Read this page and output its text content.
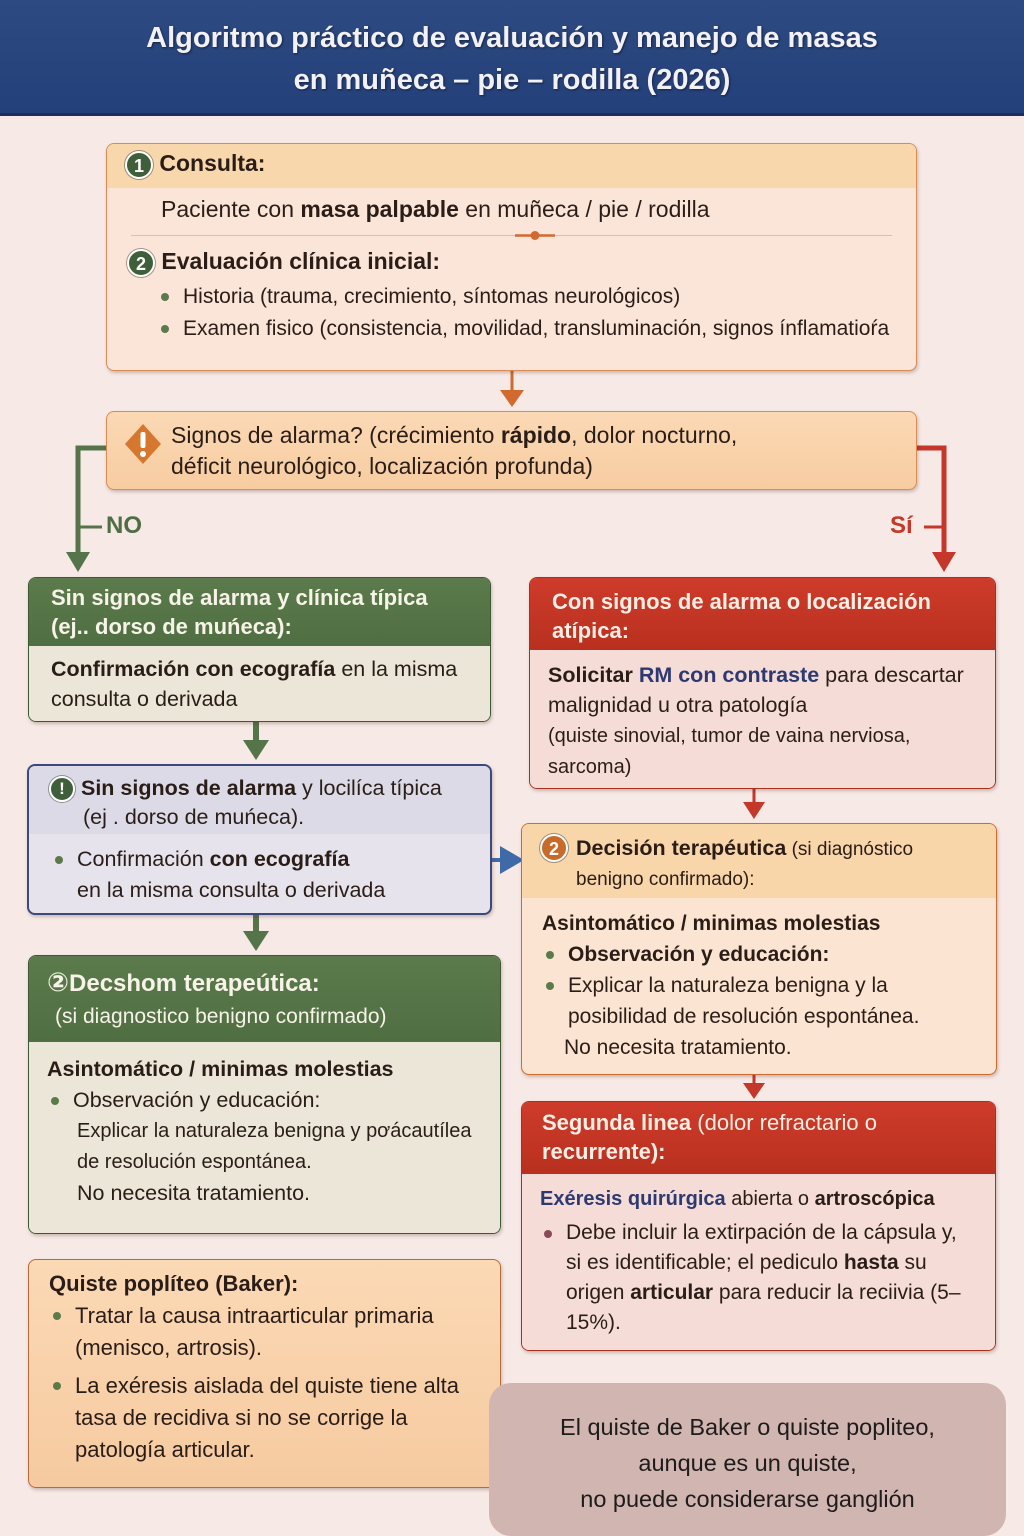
Algoritmo práctico de evaluación y manejo de masas
en muñeca – pie – rodilla (2026)
1 Consulta:
Paciente con masa palpable en muñeca / pie / rodilla
2 Evaluación clínica inicial:
Historia (trauma, crecimiento, síntomas neurológicos)
Examen fisico (consistencia, movilidad, transluminación, signos ínflamatioŕa
Signos de alarma? (crécimiento rápido, dolor nocturno,
déficit neurológico, localización profunda)
NO	Sí
Sin signos de alarma y clínica típica (ej.. dorso de muńeca):
Confirmación con ecografía en la misma consulta o derivada
Con signos de alarma o localización atípica:
Solicitar RM con contraste para descartar malignidad u otra patología
(quiste sinovial, tumor de vaina nerviosa, sarcoma)
! Sin signos de alarma y locilíca típica
(ej . dorso de muńeca).
Confirmación con ecografía
en la misma consulta o derivada
2 Decisión terapéutica (si diagnóstico benigno confirmado):
Asintomático / minimas molestias
Observación y educación:
Explicar la naturaleza benigna y la posibilidad de resolución espontánea.
No necesita tratamiento.
②Decshom terapeútica:
(si diagnostico benigno confirmado)
Asintomático / minimas molestias
Observación y educación:
Explicar la naturaleza benigna y pơácautílea de resolución espontánea.
No necesita tratamiento.
Segunda linea (dolor refractario o
recurrente):
Exéresis quirúrgica abierta o artroscópica
Debe incluir la extirpación de la cápsula y, si es identificable; el pediculo hasta su origen articular para reducir la reciivia (5–15%).
Quiste poplíteo (Baker):
Tratar la causa intraarticular primaria (menisco, artrosis).
La exéresis aislada del quiste tiene alta tasa de recidiva si no se corrige la patología articular.
El quiste de Baker o quiste popliteo,
aunque es un quiste,
no puede considerarse ganglión
